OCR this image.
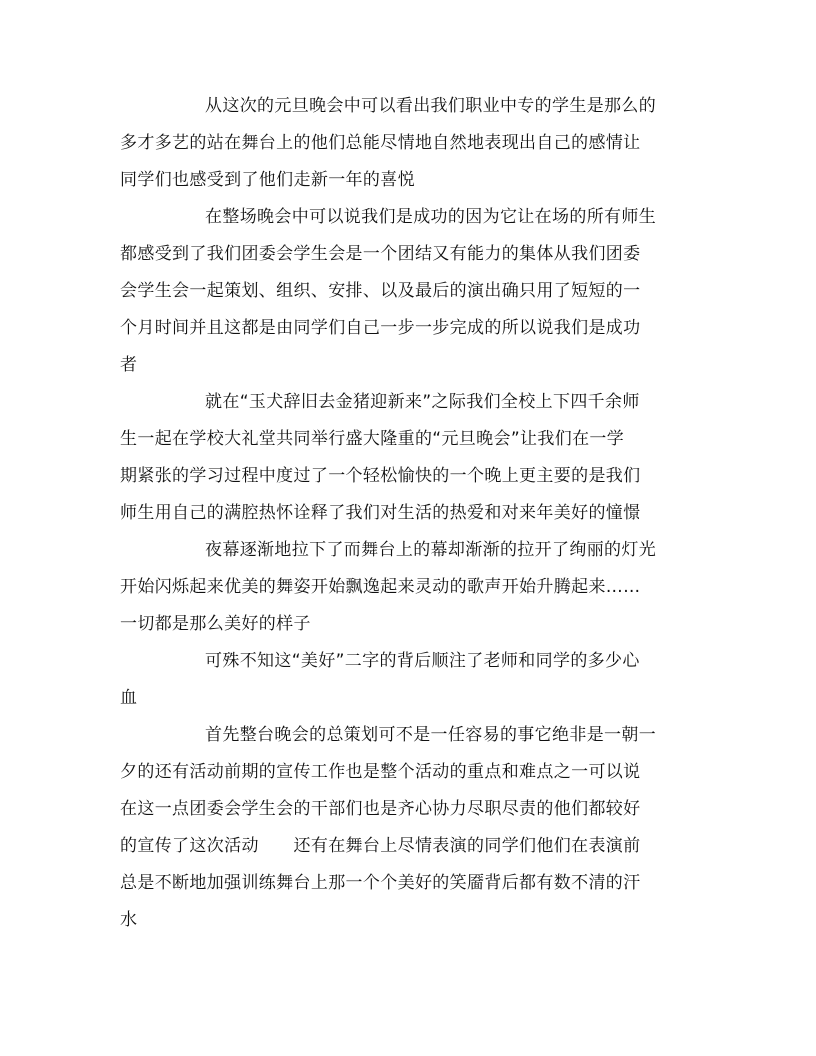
从这次的元旦晚会中可以看出我们职业中专的学生是那么的

多才多艺的站在舞台上的他们总能尽情地自然地表现出自己的感情让

同学们也感受到了他们走新一年的喜悦

在整场晚会中可以说我们是成功的因为它让在场的所有师生

都感受到了我们团委会学生会是一个团结又有能力的集体从我们团委

会学生会一起策划、组织、安排、以及最后的演出确只用了短短的一

个月时间并且这都是由同学们自己一步一步完成的所以说我们是成功

者

就在“玉犬辞旧去金猪迎新来”之际我们全校上下四千余师

生一起在学校大礼堂共同举行盛大隆重的“元旦晚会”让我们在一学

期紧张的学习过程中度过了一个轻松愉快的一个晚上更主要的是我们

师生用自己的满腔热怀诠释了我们对生活的热爱和对来年美好的憧憬

夜幕逐渐地拉下了而舞台上的幕却渐渐的拉开了绚丽的灯光

开始闪烁起来优美的舞姿开始飘逸起来灵动的歌声开始升腾起来……

一切都是那么美好的样子

可殊不知这“美好”二字的背后顺注了老师和同学的多少心

血

首先整台晚会的总策划可不是一任容易的事它绝非是一朝一

夕的还有活动前期的宣传工作也是整个活动的重点和难点之一可以说

在这一点团委会学生会的干部们也是齐心协力尽职尽责的他们都较好

的宣传了这次活动　　还有在舞台上尽情表演的同学们他们在表演前

总是不断地加强训练舞台上那一个个美好的笑靥背后都有数不清的汗

水
